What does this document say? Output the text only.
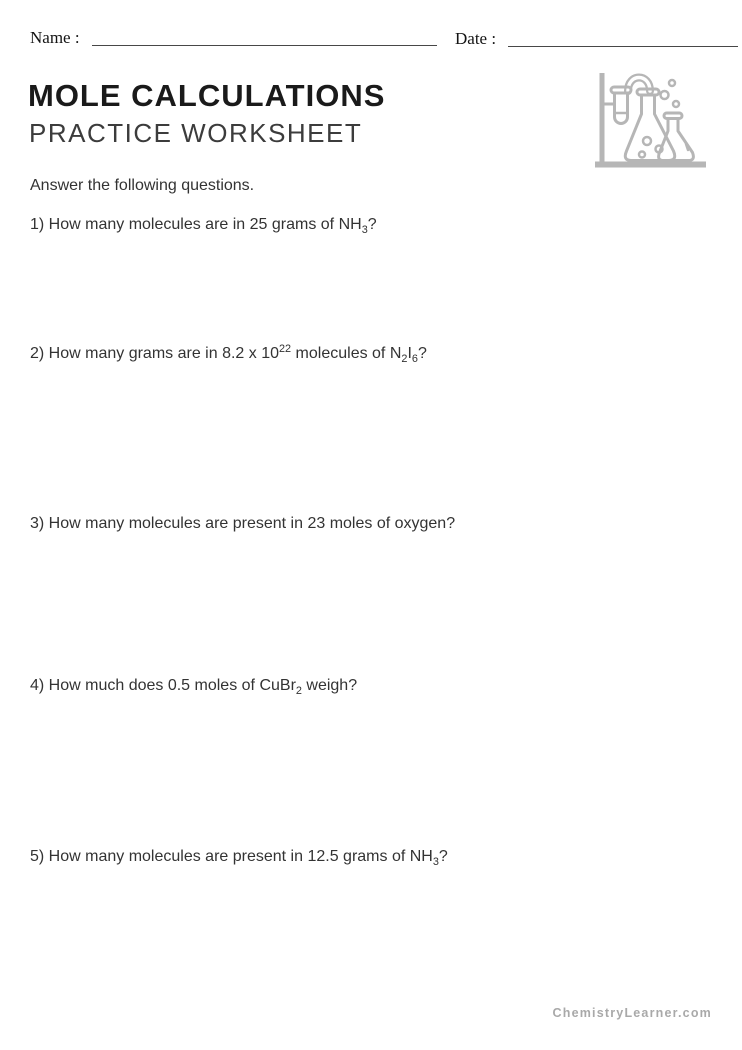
Name :	Date :
MOLE CALCULATIONS
PRACTICE WORKSHEET
Answer the following questions.
1) How many molecules are in 25 grams of $NH_3$?
2) How many grams are in 8.2 x $10^{22}$ molecules of $N_2I_6$?
3) How many molecules are present in 23 moles of oxygen?
4) How much does 0.5 moles of CuBr$_2$ weigh?
5) How many molecules are present in 12.5 grams of $NH_3$?
ChemistryLearner.com
